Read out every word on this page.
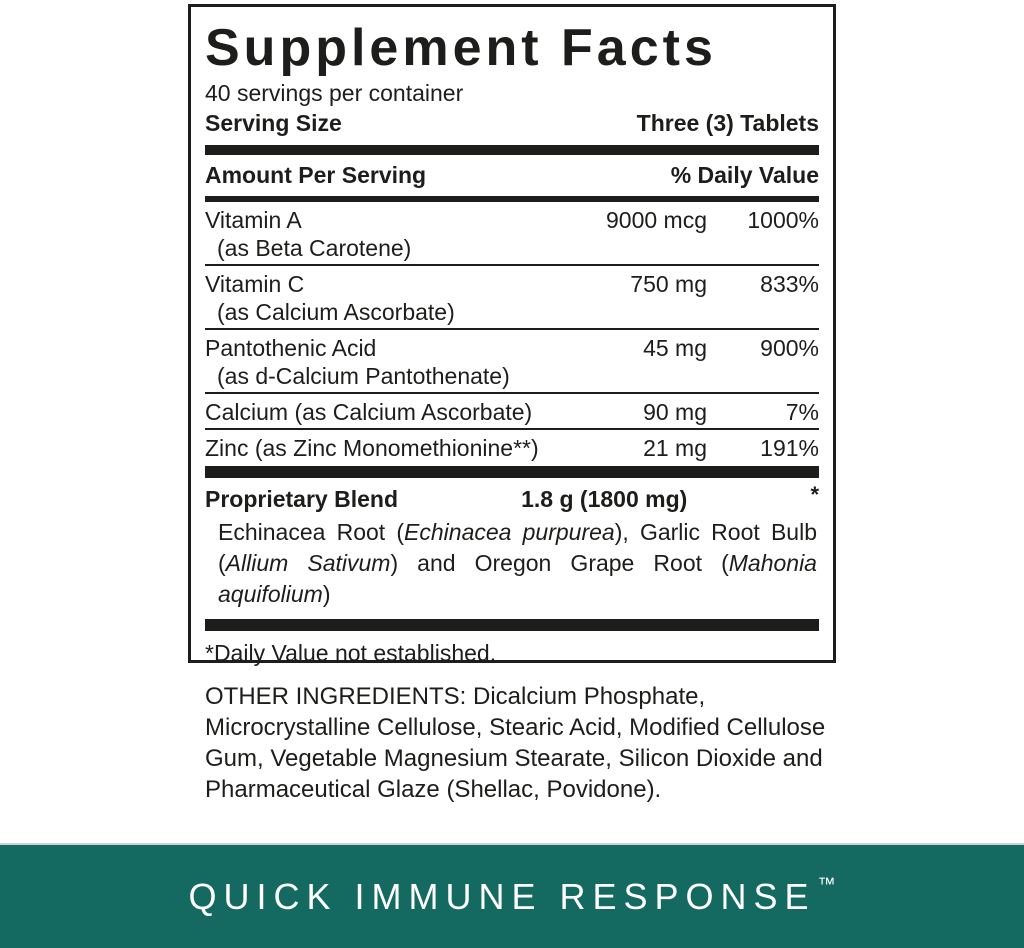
Supplement Facts
40 servings per container
Serving Size	Three (3) Tablets
Amount Per Serving	% Daily Value
Vitamin A
(as Beta Carotene)
9000 mcg	1000%
Vitamin C
(as Calcium Ascorbate)
750 mg	833%
Pantothenic Acid
(as d-Calcium Pantothenate)
45 mg	900%
Calcium (as Calcium Ascorbate)	90 mg	7%
Zinc (as Zinc Monomethionine**)	21 mg	191%
Proprietary Blend	1.8 g (1800 mg)	*
Echinacea Root (Echinacea purpurea), Garlic Root Bulb (Allium Sativum) and Oregon Grape Root (Mahonia aquifolium)
*Daily Value not established.
OTHER INGREDIENTS: Dicalcium Phosphate, Microcrystalline Cellulose, Stearic Acid, Modified Cellulose Gum, Vegetable Magnesium Stearate, Silicon Dioxide and Pharmaceutical Glaze (Shellac, Povidone).
QUICK IMMUNE RESPONSE ™
